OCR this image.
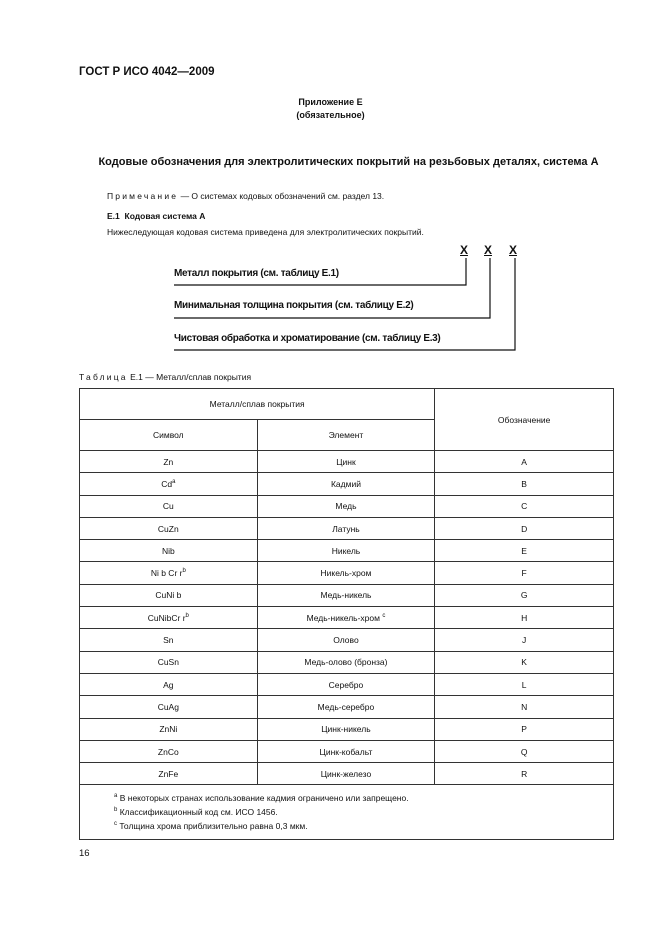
ГОСТ Р ИСО 4042—2009
Приложение Е
(обязательное)
Кодовые обозначения для электролитических покрытий на резьбовых деталях, система А
Примечание — О системах кодовых обозначений см. раздел 13.
Е.1 Кодовая система А
Нижеследующая кодовая система приведена для электролитических покрытий.
X X X
Металл покрытия (см. таблицу Е.1)
Минимальная толщина покрытия (см. таблицу Е.2)
Чистовая обработка и хроматирование (см. таблицу Е.3)
Таблица Е.1 — Металл/сплав покрытия
Металл/сплав покрытия		Обозначение
Символ	Элемент	
Zn	Цинк	A
Cd$^a$	Кадмий	B
Cu	Медь	C
CuZn	Латунь	D
Nib	Никель	E
Ni b Cr $r^b$	Никель-хром	F
CuNi b	Медь-никель	G
CuNibCr $r^b$	Медь-никель-хром $^c$	H
Sn	Олово	J
CuSn	Медь-олово (бронза)	K
Ag	Серебро	L
CuAg	Медь-серебро	N
ZnNi	Цинк-никель	P
ZnCo	Цинк-кобальт	Q
ZnFe	Цинк-железо	R

$^a$ В некоторых странах использование кадмия ограничено или запрещено.
$^b$ Классификационный код см. ИСО 1456.
$^c$ Толщина хрома приблизительно равна 0,3 мкм.		
16
